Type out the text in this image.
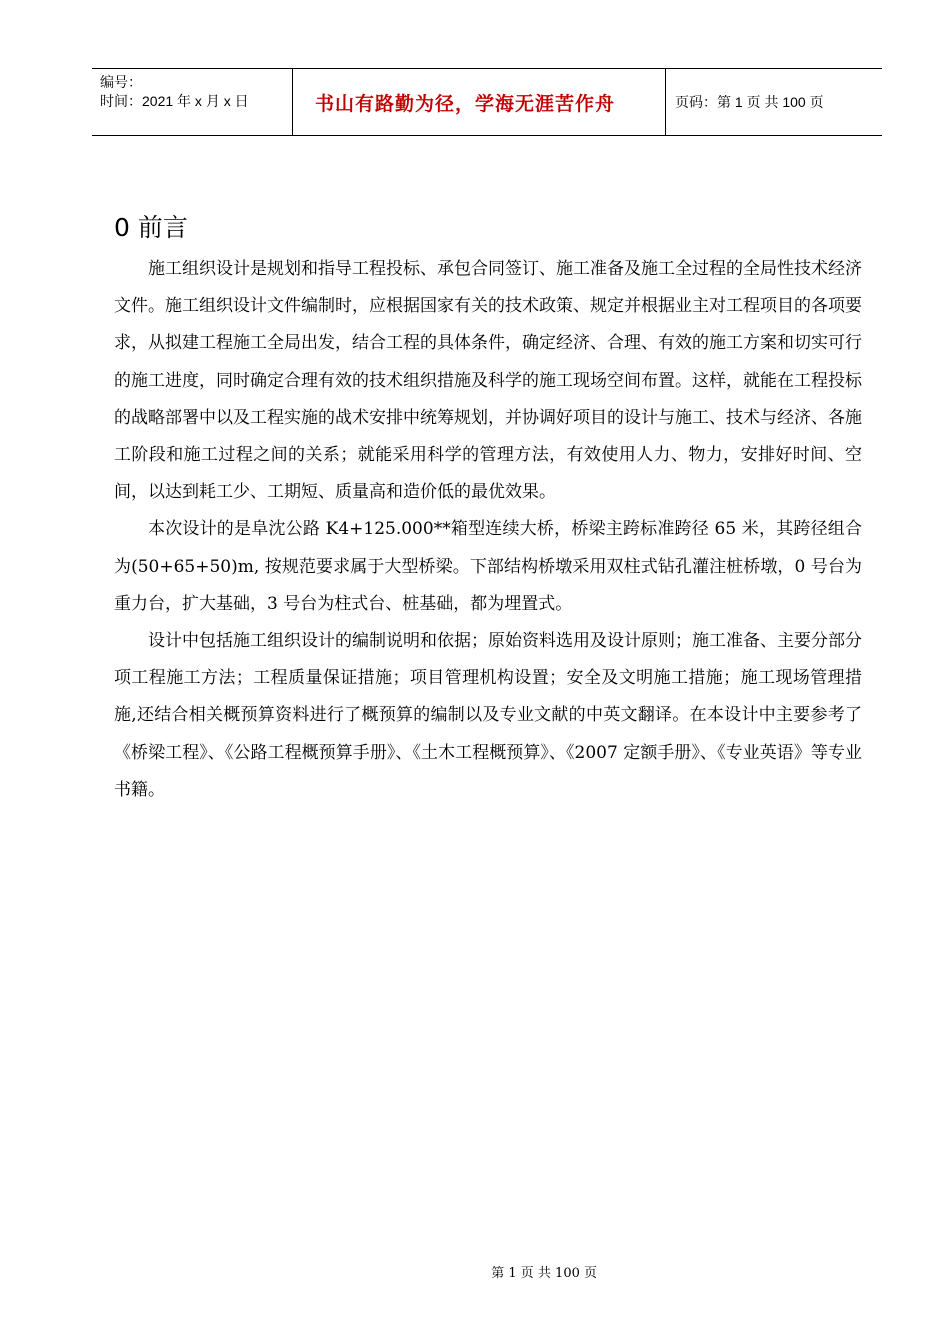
编号：
时间：2021 年 x 月 x 日	书山有路勤为径，学海无涯苦作舟	页码：第 1 页 共 100 页
0 前言

施工组织设计是规划和指导工程投标、承包合同签订、施工准备及施工全过程的全局性技术经济文件。施工组织设计文件编制时，应根据国家有关的技术政策、规定并根据业主对工程项目的各项要求，从拟建工程施工全局出发，结合工程的具体条件，确定经济、合理、有效的施工方案和切实可行的施工进度，同时确定合理有效的技术组织措施及科学的施工现场空间布置。这样，就能在工程投标的战略部署中以及工程实施的战术安排中统筹规划，并协调好项目的设计与施工、技术与经济、各施工阶段和施工过程之间的关系；就能采用科学的管理方法，有效使用人力、物力，安排好时间、空间，以达到耗工少、工期短、质量高和造价低的最优效果。

本次设计的是阜沈公路 K4+125.000**箱型连续大桥，桥梁主跨标准跨径 65 米，其跨径组合为(50+65+50)m, 按规范要求属于大型桥梁。下部结构桥墩采用双柱式钻孔灌注桩桥墩，0 号台为重力台，扩大基础，3 号台为柱式台、桩基础，都为埋置式。

设计中包括施工组织设计的编制说明和依据；原始资料选用及设计原则；施工准备、主要分部分项工程施工方法；工程质量保证措施；项目管理机构设置；安全及文明施工措施；施工现场管理措施,还结合相关概预算资料进行了概预算的编制以及专业文献的中英文翻译。在本设计中主要参考了《桥梁工程》、《公路工程概预算手册》、《土木工程概预算》、《2007 定额手册》、《专业英语》等专业书籍。

第 1 页 共 100 页
